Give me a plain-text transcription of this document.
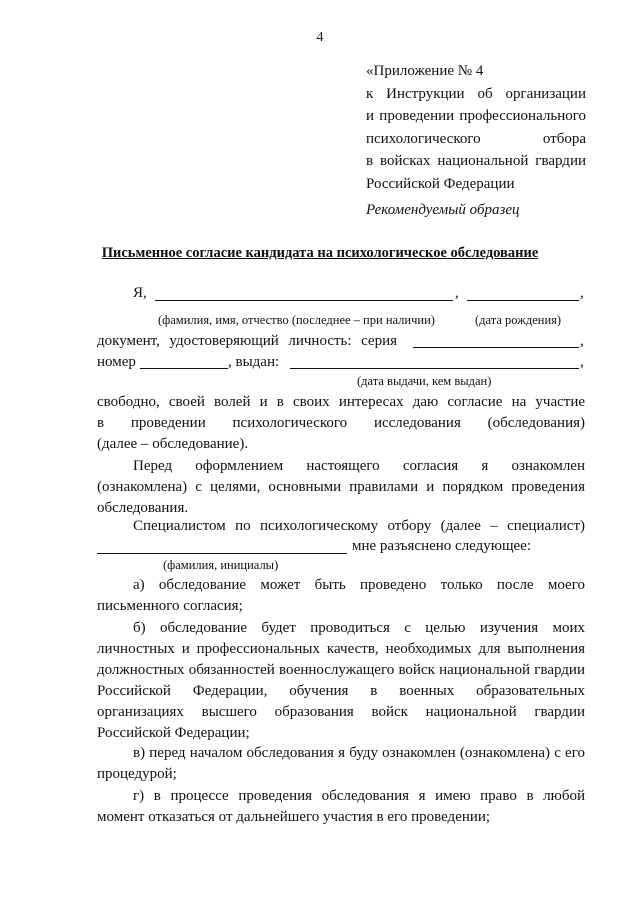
4
«Приложение № 4
к Инструкции об организации
и проведении профессионального
психологического отбора
в войсках национальной гвардии
Российской Федерации
Рекомендуемый образец
Письменное согласие кандидата на психологическое обследование
Я,	,	,
(фамилия, имя, отчество (последнее – при наличии)	(дата рождения)
документ, удостоверяющий личность: серия	,
номер	, выдан:	,
(дата выдачи, кем выдан)
свободно, своей волей и в своих интересах даю согласие на участие
в проведении психологического исследования (обследования)
(далее – обследование).
Перед оформлением настоящего согласия я ознакомлен
(ознакомлена) с целями, основными правилами и порядком проведения
обследования.
Специалистом по психологическому отбору (далее – специалист)
мне разъяснено следующее:
(фамилия, инициалы)
а) обследование может быть проведено только после моего
письменного согласия;
б) обследование будет проводиться с целью изучения моих
личностных и профессиональных качеств, необходимых для выполнения
должностных обязанностей военнослужащего войск национальной гвардии
Российской Федерации, обучения в военных образовательных
организациях высшего образования войск национальной гвардии
Российской Федерации;
в) перед началом обследования я буду ознакомлен (ознакомлена) с его
процедурой;
г) в процессе проведения обследования я имею право в любой
момент отказаться от дальнейшего участия в его проведении;
